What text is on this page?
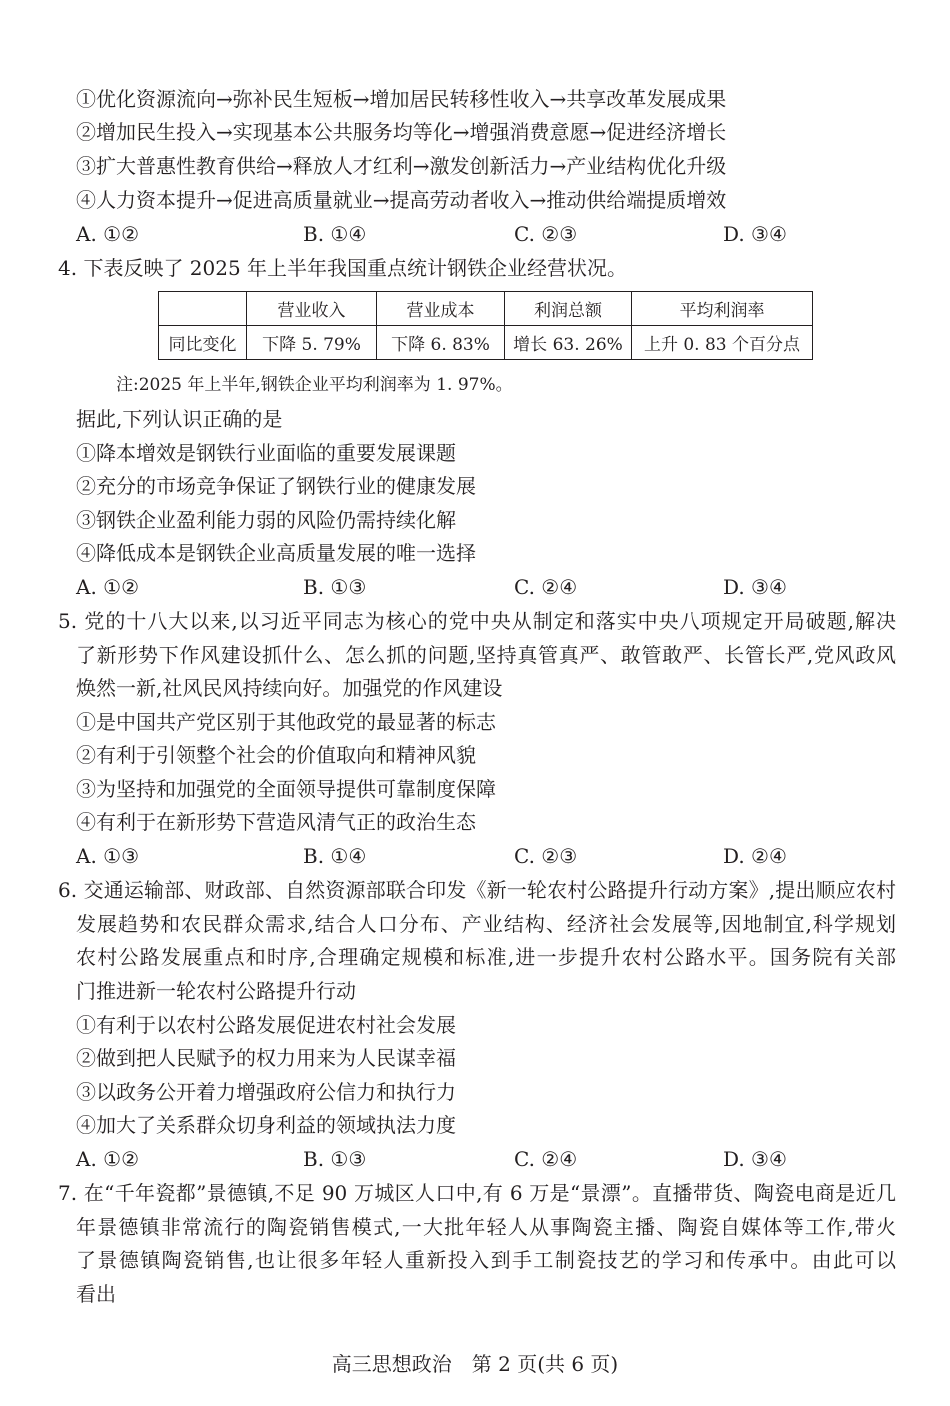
①优化资源流向→弥补民生短板→增加居民转移性收入→共享改革发展成果
②增加民生投入→实现基本公共服务均等化→增强消费意愿→促进经济增长
③扩大普惠性教育供给→释放人才红利→激发创新活力→产业结构优化升级
④人力资本提升→促进高质量就业→提高劳动者收入→推动供给端提质增效
A. ①②	B. ①④	C. ②③	D. ③④
4. 下表反映了 2025 年上半年我国重点统计钢铁企业经营状况。
	营业收入	营业成本	利润总额	平均利润率
同比变化	下降 5. 79%	下降 6. 83%	增长 63. 26%	上升 0. 83 个百分点
注:2025 年上半年,钢铁企业平均利润率为 1. 97%。
据此,下列认识正确的是
①降本增效是钢铁行业面临的重要发展课题
②充分的市场竞争保证了钢铁行业的健康发展
③钢铁企业盈利能力弱的风险仍需持续化解
④降低成本是钢铁企业高质量发展的唯一选择
A. ①②	B. ①③	C. ②④	D. ③④
5. 党的十八大以来,以习近平同志为核心的党中央从制定和落实中央八项规定开局破题,解决
了新形势下作风建设抓什么、怎么抓的问题,坚持真管真严、敢管敢严、长管长严,党风政风
焕然一新,社风民风持续向好。加强党的作风建设
①是中国共产党区别于其他政党的最显著的标志
②有利于引领整个社会的价值取向和精神风貌
③为坚持和加强党的全面领导提供可靠制度保障
④有利于在新形势下营造风清气正的政治生态
A. ①③	B. ①④	C. ②③	D. ②④
6. 交通运输部、财政部、自然资源部联合印发《新一轮农村公路提升行动方案》,提出顺应农村
发展趋势和农民群众需求,结合人口分布、产业结构、经济社会发展等,因地制宜,科学规划
农村公路发展重点和时序,合理确定规模和标准,进一步提升农村公路水平。国务院有关部
门推进新一轮农村公路提升行动
①有利于以农村公路发展促进农村社会发展
②做到把人民赋予的权力用来为人民谋幸福
③以政务公开着力增强政府公信力和执行力
④加大了关系群众切身利益的领域执法力度
A. ①②	B. ①③	C. ②④	D. ③④
7. 在“千年瓷都”景德镇,不足 90 万城区人口中,有 6 万是“景漂”。直播带货、陶瓷电商是近几
年景德镇非常流行的陶瓷销售模式,一大批年轻人从事陶瓷主播、陶瓷自媒体等工作,带火
了景德镇陶瓷销售,也让很多年轻人重新投入到手工制瓷技艺的学习和传承中。由此可以
看出
高三思想政治　第 2 页(共 6 页)
